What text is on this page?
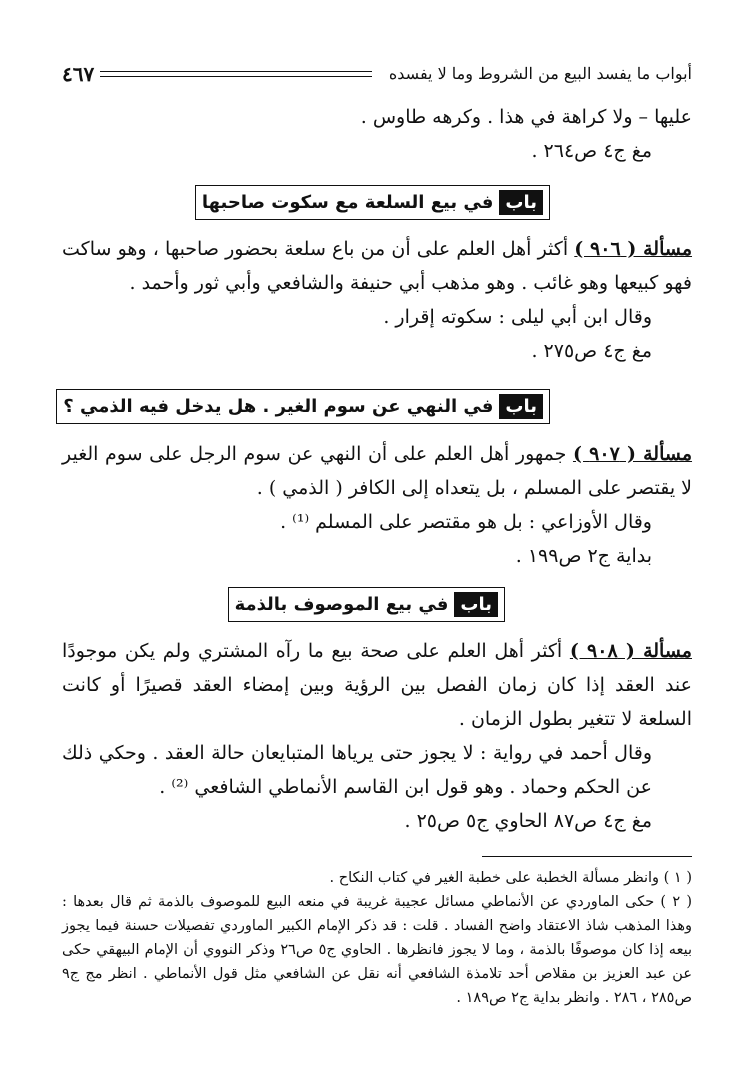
أبواب ما يفسد البيع من الشروط وما لا يفسده
٤٦٧
عليها – ولا كراهة في هذا . وكرهه طاوس .
مغ ج٤ ص٢٦٤ .
باب
في بيع السلعة مع سكوت صاحبها
مسألة ( ٩٠٦ ) أكثر أهل العلم على أن من باع سلعة بحضور صاحبها ، وهو ساكت فهو كبيعها وهو غائب . وهو مذهب أبي حنيفة والشافعي وأبي ثور وأحمد .
وقال ابن أبي ليلى : سكوته إقرار .
مغ ج٤ ص٢٧٥ .
باب
في النهي عن سوم الغير . هل يدخل فيه الذمي ؟
مسألة ( ٩٠٧ ) جمهور أهل العلم على أن النهي عن سوم الرجل على سوم الغير لا يقتصر على المسلم ، بل يتعداه إلى الكافر ( الذمي ) .
وقال الأوزاعي : بل هو مقتصر على المسلم ⁽¹⁾ .
بداية ج٢ ص١٩٩ .
باب
في بيع الموصوف بالذمة
مسألة ( ٩٠٨ ) أكثر أهل العلم على صحة بيع ما رآه المشتري ولم يكن موجودًا عند العقد إذا كان زمان الفصل بين الرؤية وبين إمضاء العقد قصيرًا أو كانت السلعة لا تتغير بطول الزمان .
وقال أحمد في رواية : لا يجوز حتى يرياها المتبايعان حالة العقد . وحكي ذلك عن الحكم وحماد . وهو قول ابن القاسم الأنماطي الشافعي ⁽²⁾ .
مغ ج٤ ص٨٧ الحاوي ج٥ ص٢٥ .
( ١ ) وانظر مسألة الخطبة على خطبة الغير في كتاب النكاح .
( ٢ ) حكى الماوردي عن الأنماطي مسائل عجيبة غريبة في منعه البيع للموصوف بالذمة ثم قال بعدها : وهذا المذهب شاذ الاعتقاد واضح الفساد . قلت : قد ذكر الإمام الكبير الماوردي تفصيلات حسنة فيما يجوز بيعه إذا كان موصوفًا بالذمة ، وما لا يجوز فانظرها . الحاوي ج٥ ص٢٦ وذكر النووي أن الإمام البيهقي حكى عن عبد العزيز بن مقلاص أحد تلامذة الشافعي أنه نقل عن الشافعي مثل قول الأنماطي . انظر مج ج٩ ص٢٨٥ ، ٢٨٦ . وانظر بداية ج٢ ص١٨٩ .
